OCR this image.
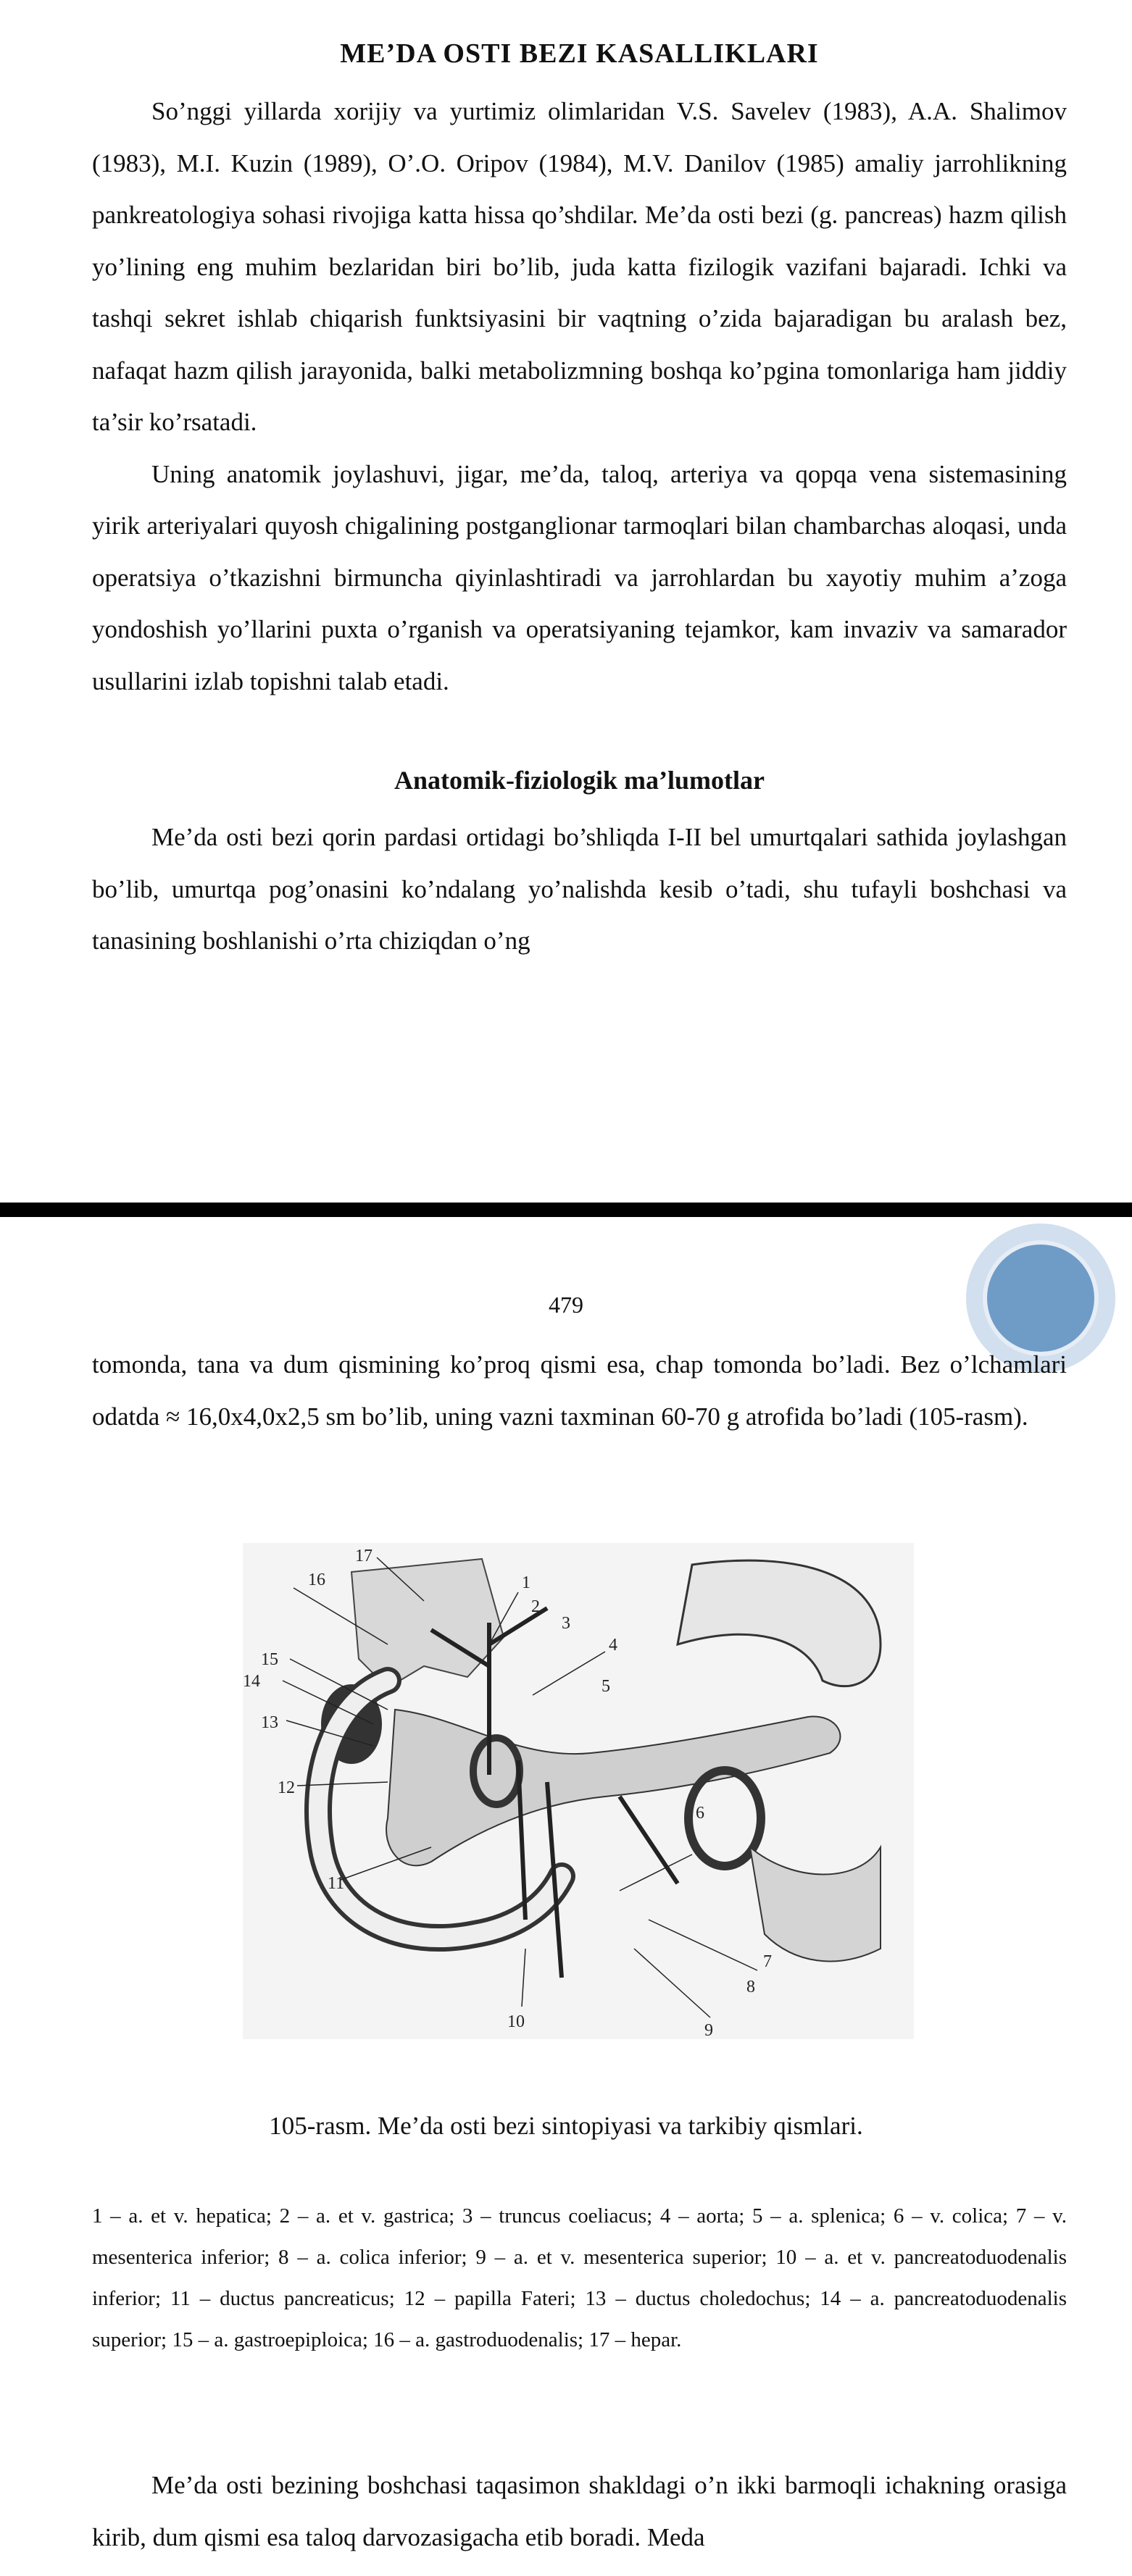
ME’DA OSTI BEZI KASALLIKLARI

So’nggi yillarda xorijiy va yurtimiz olimlaridan V.S. Savelev (1983), A.A. Shalimov (1983), M.I. Kuzin (1989), O’.O. Oripov (1984), M.V. Danilov (1985) amaliy jarrohlikning pankreatologiya sohasi rivojiga katta hissa qo’shdilar. Me’da osti bezi (g. pancreas) hazm qilish yo’lining eng muhim bezlaridan biri bo’lib, juda katta fizilogik vazifani bajaradi. Ichki va tashqi sekret ishlab chiqarish funktsiyasini bir vaqtning o’zida bajaradigan bu aralash bez, nafaqat hazm qilish jarayonida, balki metabolizmning boshqa ko’pgina tomonlariga ham jiddiy ta’sir ko’rsatadi.

Uning anatomik joylashuvi, jigar, me’da, taloq, arteriya va qopqa vena sistemasining yirik arteriyalari quyosh chigalining postganglionar tarmoqlari bilan chambarchas aloqasi, unda operatsiya o’tkazishni birmuncha qiyinlashtiradi va jarrohlardan bu xayotiy muhim a’zoga yondoshish yo’llarini puxta o’rganish va operatsiyaning tejamkor, kam invaziv va samarador usullarini izlab topishni talab etadi.

Anatomik-fiziologik ma’lumotlar

Me’da osti bezi qorin pardasi ortidagi bo’shliqda I-II bel umurtqalari sathida joylashgan bo’lib, umurtqa pog’onasini ko’ndalang yo’nalishda kesib o’tadi, shu tufayli boshchasi va tanasining boshlanishi o’rta chiziqdan o’ng

479

tomonda, tana va dum qismining ko’proq qismi esa, chap tomonda bo’ladi. Bez o’lchamlari odatda ≈ 16,0x4,0x2,5 sm bo’lib, uning vazni taxminan 60-70 g atrofida bo’ladi (105-rasm).

1
2
3
4
5
6
7
8
9
10
11
12
13
14
15
16
17
105-rasm. Me’da osti bezi sintopiyasi va tarkibiy qismlari.

1 – a. et v. hepatica; 2 – a. et v. gastrica; 3 – truncus coeliacus; 4 – aorta; 5 – a. splenica; 6 – v. colica; 7 – v. mesenterica inferior; 8 – a. colica inferior; 9 – a. et v. mesenterica superior; 10 – a. et v. pancreatoduodenalis inferior; 11 – ductus pancreaticus; 12 – papilla Fateri; 13 – ductus choledochus; 14 – a. pancreatoduodenalis superior; 15 – a. gastroepiploica; 16 – a. gastroduodenalis; 17 – hepar.

Me’da osti bezining boshchasi taqasimon shakldagi o’n ikki barmoqli ichakning orasiga kirib, dum qismi esa taloq darvozasigacha etib boradi. Meda
